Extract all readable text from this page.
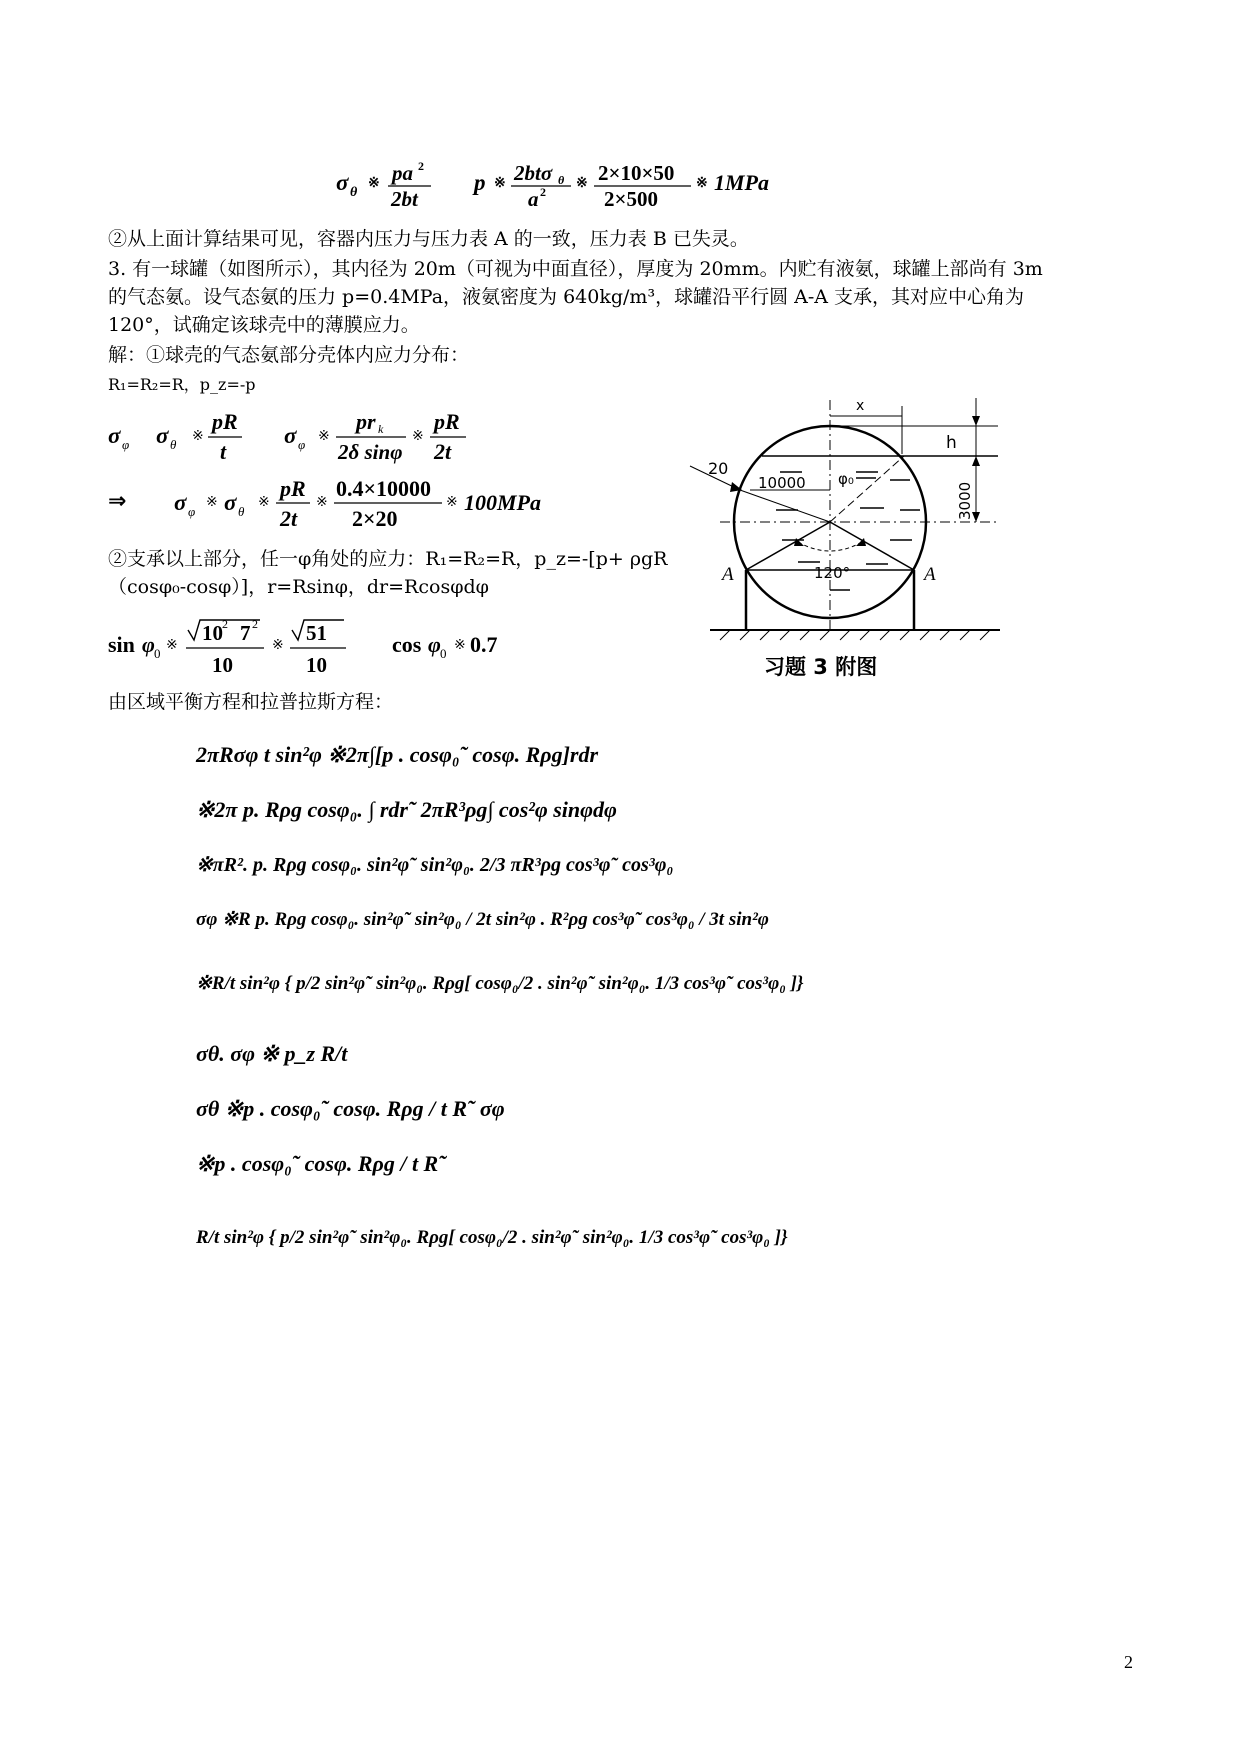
σ θ
※ pa 2
2bt
p ※ 2btσ θ
a 2
※ 2×10×50
2×500
※ 1MPa
②从上面计算结果可见，容器内压力与压力表 A 的一致，压力表 B 已失灵。
3. 有一球罐（如图所示），其内径为 20m（可视为中面直径），厚度为 20mm。内贮有液氨，球罐上部尚有 3m
的气态氨。设气态氨的压力 p=0.4MPa，液氨密度为 640kg/m³，球罐沿平行圆 A-A 支承，其对应中心角为
120°，试确定该球壳中的薄膜应力。
解：①球壳的气态氨部分壳体内应力分布：
R₁=R₂=R，p_z=-p
σ φ σ θ
※
pR
t
σ φ
※
pr k
2δ sinφ
※
pR
2t
⇒ σ φ
※ σ θ
※
pR
2t
※
0.4×10000
2×20
※ 100MPa
②支承以上部分，任一φ角处的应力：R₁=R₂=R，p_z=-[p+ ρgR
（cosφ₀-cosφ）]，r=Rsinφ，dr=Rcosφdφ
sin φ 0
※
10 2 7 2
10
※
51
10
cos φ 0
※ 0.7
由区域平衡方程和拉普拉斯方程：
2πRσφ t sin²φ ※2π∫[p . cosφ₀˜ cosφ. Rρg]rdr
※2π p. Rρg cosφ₀. ∫ rdr˜ 2πR³ρg∫ cos²φ sinφdφ
※πR². p. Rρg cosφ₀. sin²φ˜ sin²φ₀. 2/3 πR³ρg cos³φ˜ cos³φ₀
σφ ※R p. Rρg cosφ₀. sin²φ˜ sin²φ₀ / 2t sin²φ . R²ρg cos³φ˜ cos³φ₀ / 3t sin²φ
※R/t sin²φ { p/2 sin²φ˜ sin²φ₀. Rρg[ cosφ₀/2 . sin²φ˜ sin²φ₀. 1/3 cos³φ˜ cos³φ₀ ]}
σθ. σφ ※ p_z R/t
σθ ※p . cosφ₀˜ cosφ. Rρg / t R˜ σφ
※p . cosφ₀˜ cosφ. Rρg / t R˜
R/t sin²φ { p/2 sin²φ˜ sin²φ₀. Rρg[ cosφ₀/2 . sin²φ˜ sin²φ₀. 1/3 cos³φ˜ cos³φ₀ ]}
x
h
20
10000 φ₀
3000
120°
A	A
习题 3 附图
2
